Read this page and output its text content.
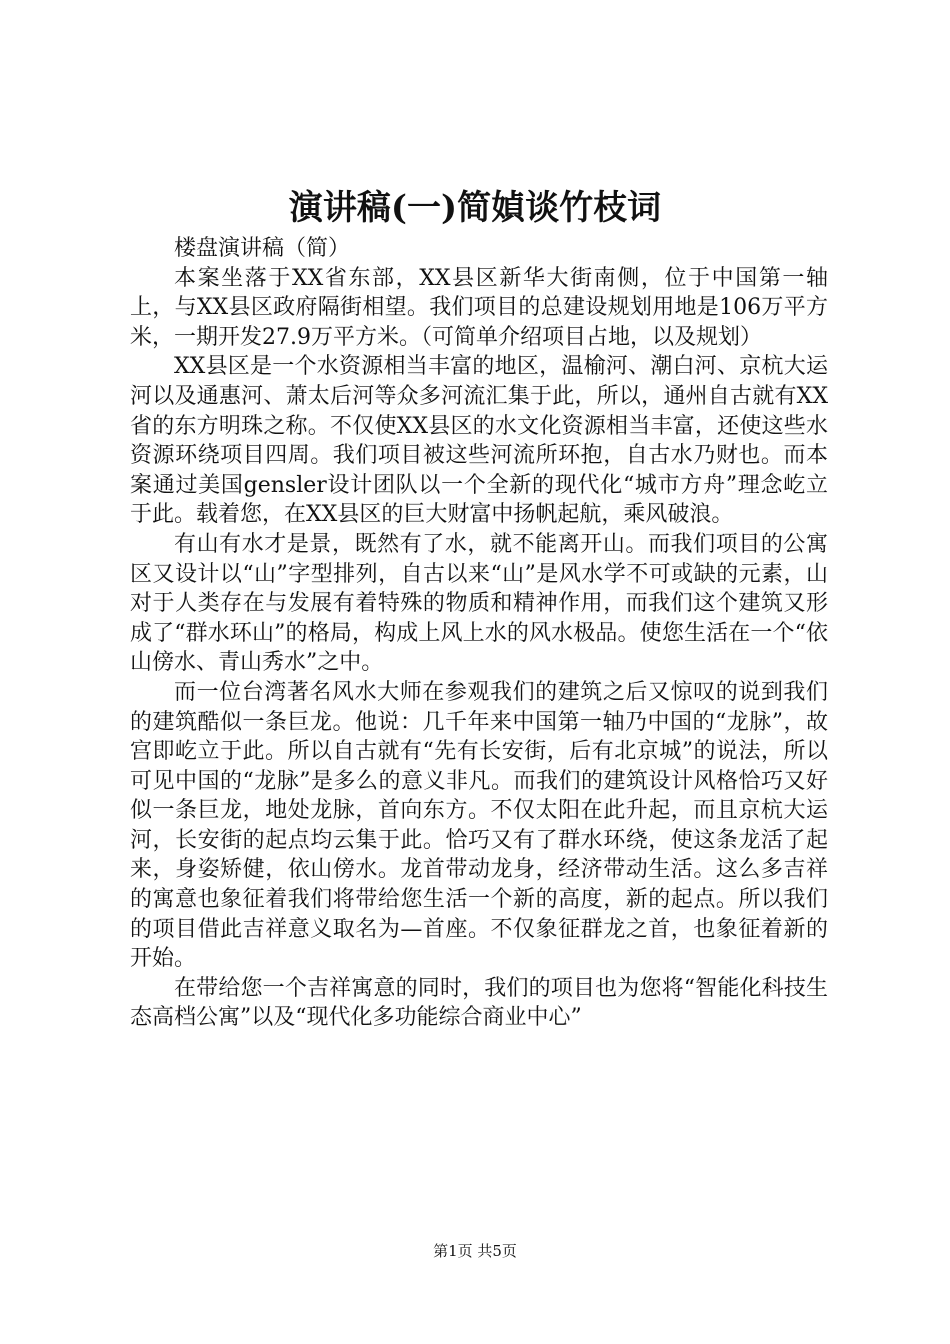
演讲稿(一)简媜谈竹枝词

楼盘演讲稿（简）

本案坐落于XX省东部，XX县区新华大街南侧，位于中国第一轴上，与XX县区政府隔街相望。我们项目的总建设规划用地是106万平方米，一期开发27.9万平方米。（可简单介绍项目占地，以及规划）

XX县区是一个水资源相当丰富的地区，温榆河、潮白河、京杭大运河以及通惠河、萧太后河等众多河流汇集于此，所以，通州自古就有XX省的东方明珠之称。不仅使XX县区的水文化资源相当丰富，还使这些水资源环绕项目四周。我们项目被这些河流所环抱，自古水乃财也。而本案通过美国gensler设计团队以一个全新的现代化“城市方舟”理念屹立于此。载着您，在XX县区的巨大财富中扬帆起航，乘风破浪。

有山有水才是景，既然有了水，就不能离开山。而我们项目的公寓区又设计以“山”字型排列，自古以来“山”是风水学不可或缺的元素，山对于人类存在与发展有着特殊的物质和精神作用，而我们这个建筑又形成了“群水环山”的格局，构成上风上水的风水极品。使您生活在一个“依山傍水、青山秀水”之中。

而一位台湾著名风水大师在参观我们的建筑之后又惊叹的说到我们的建筑酷似一条巨龙。他说：几千年来中国第一轴乃中国的“龙脉”，故宫即屹立于此。所以自古就有“先有长安街，后有北京城”的说法，所以可见中国的“龙脉”是多么的意义非凡。而我们的建筑设计风格恰巧又好似一条巨龙，地处龙脉，首向东方。不仅太阳在此升起，而且京杭大运河，长安街的起点均云集于此。恰巧又有了群水环绕，使这条龙活了起来，身姿矫健，依山傍水。龙首带动龙身，经济带动生活。这么多吉祥的寓意也象征着我们将带给您生活一个新的高度，新的起点。所以我们的项目借此吉祥意义取名为—首座。不仅象征群龙之首，也象征着新的开始。

在带给您一个吉祥寓意的同时，我们的项目也为您将“智能化科技生态高档公寓”以及“现代化多功能综合商业中心”

第1页 共5页
